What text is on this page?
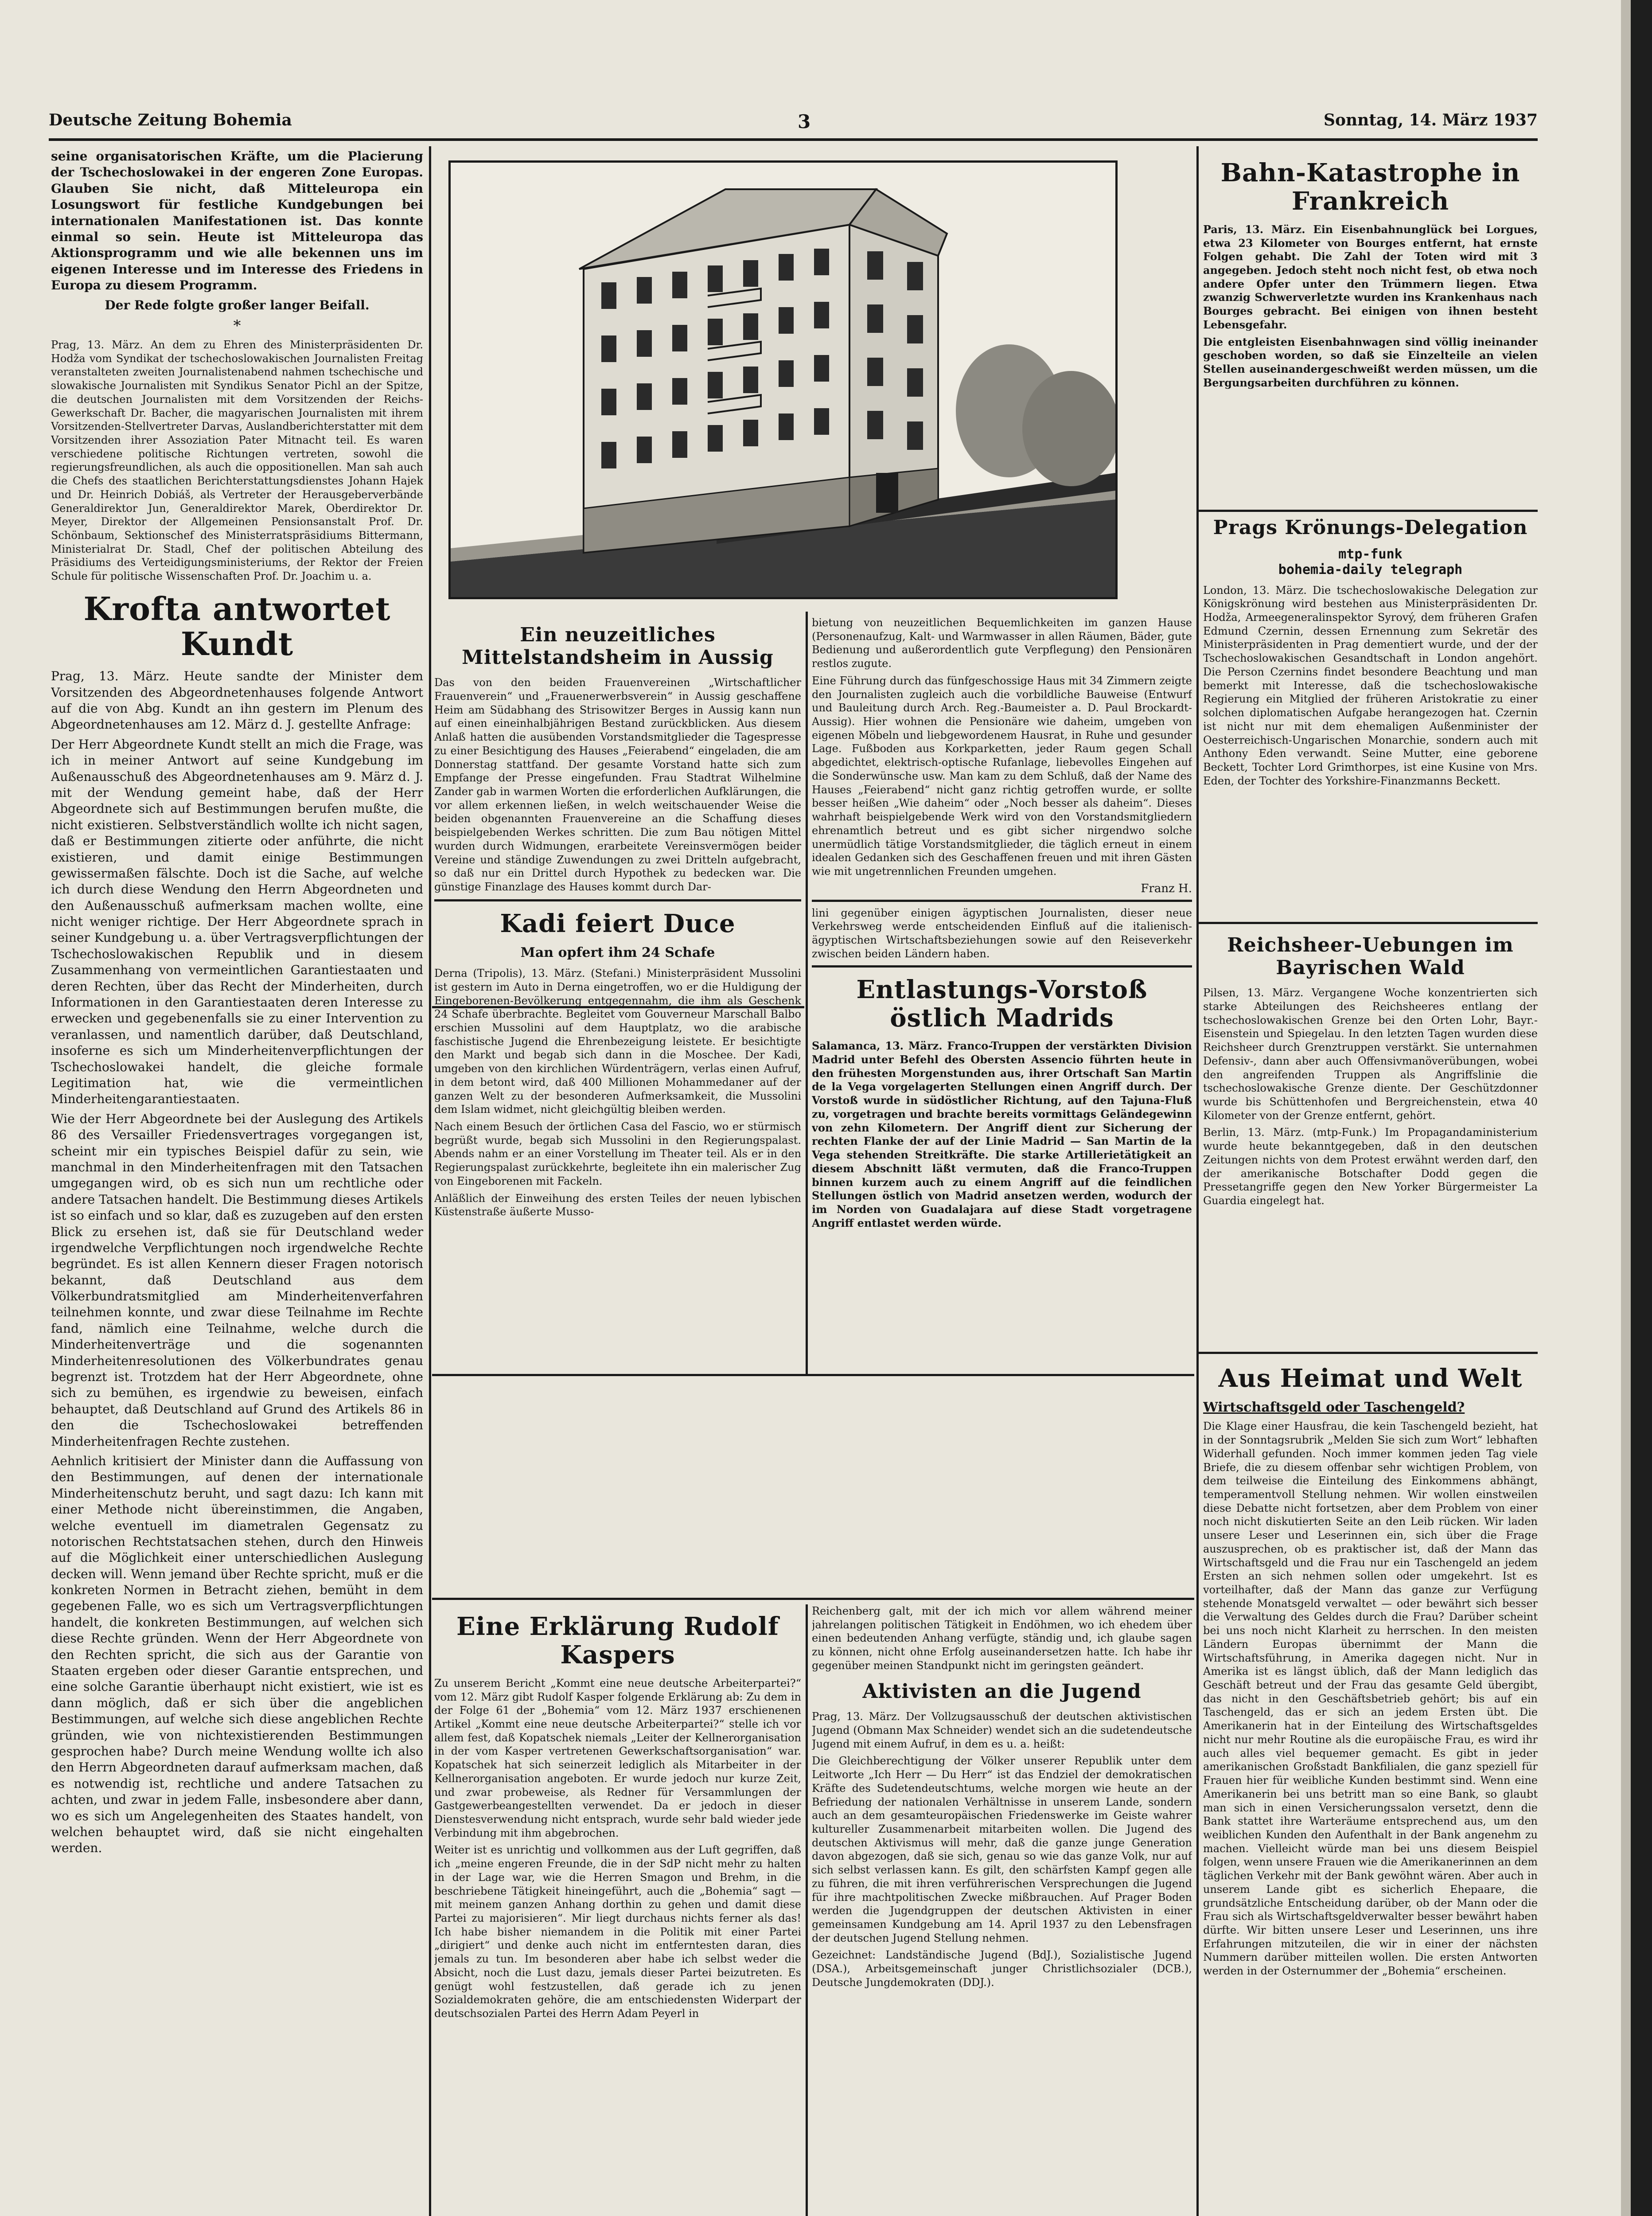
Deutsche Zeitung Bohemia	3	Sonntag, 14. März 1937

seine organisatorischen Kräfte, um die Placierung der Tschechoslowakei in der engeren Zone Europas. Glauben Sie nicht, daß Mitteleuropa ein Losungswort für festliche Kundgebungen bei internationalen Manifestationen ist. Das konnte einmal so sein. Heute ist Mitteleuropa das Aktionsprogramm und wie alle bekennen uns im eigenen Interesse und im Interesse des Friedens in Europa zu diesem Programm.

Der Rede folgte großer langer Beifall.

*

Prag, 13. März. An dem zu Ehren des Ministerpräsidenten Dr. Hodža vom Syndikat der tschechoslowakischen Journalisten Freitag veranstalteten zweiten Journalistenabend nahmen tschechische und slowakische Journalisten mit Syndikus Senator Pichl an der Spitze, die deutschen Journalisten mit dem Vorsitzenden der Reichs-Gewerkschaft Dr. Bacher, die magyarischen Journalisten mit ihrem Vorsitzenden-Stellvertreter Darvas, Auslandberichterstatter mit dem Vorsitzenden ihrer Assoziation Pater Mitnacht teil. Es waren verschiedene politische Richtungen vertreten, sowohl die regierungsfreundlichen, als auch die oppositionellen. Man sah auch die Chefs des staatlichen Berichterstattungsdienstes Johann Hajek und Dr. Heinrich Dobiáš, als Vertreter der Herausgeberverbände Generaldirektor Jun, Generaldirektor Marek, Oberdirektor Dr. Meyer, Direktor der Allgemeinen Pensionsanstalt Prof. Dr. Schönbaum, Sektionschef des Ministerratspräsidiums Bittermann, Ministerialrat Dr. Stadl, Chef der politischen Abteilung des Präsidiums des Verteidigungsministeriums, der Rektor der Freien Schule für politische Wissenschaften Prof. Dr. Joachim u. a.

Krofta antwortet Kundt

Prag, 13. März. Heute sandte der Minister dem Vorsitzenden des Abgeordnetenhauses folgende Antwort auf die von Abg. Kundt an ihn gestern im Plenum des Abgeordnetenhauses am 12. März d. J. gestellte Anfrage:

Der Herr Abgeordnete Kundt stellt an mich die Frage, was ich in meiner Antwort auf seine Kundgebung im Außenausschuß des Abgeordnetenhauses am 9. März d. J. mit der Wendung gemeint habe, daß der Herr Abgeordnete sich auf Bestimmungen berufen mußte, die nicht existieren. Selbstverständlich wollte ich nicht sagen, daß er Bestimmungen zitierte oder anführte, die nicht existieren, und damit einige Bestimmungen gewissermaßen fälschte. Doch ist die Sache, auf welche ich durch diese Wendung den Herrn Abgeordneten und den Außenausschuß aufmerksam machen wollte, eine nicht weniger richtige. Der Herr Abgeordnete sprach in seiner Kundgebung u. a. über Vertragsverpflichtungen der Tschechoslowakischen Republik und in diesem Zusammenhang von vermeintlichen Garantiestaaten und deren Rechten, über das Recht der Minderheiten, durch Informationen in den Garantiestaaten deren Interesse zu erwecken und gegebenenfalls sie zu einer Intervention zu veranlassen, und namentlich darüber, daß Deutschland, insoferne es sich um Minderheitenverpflichtungen der Tschechoslowakei handelt, die gleiche formale Legitimation hat, wie die vermeintlichen Minderheitengarantiestaaten.

Wie der Herr Abgeordnete bei der Auslegung des Artikels 86 des Versailler Friedensvertrages vorgegangen ist, scheint mir ein typisches Beispiel dafür zu sein, wie manchmal in den Minderheitenfragen mit den Tatsachen umgegangen wird, ob es sich nun um rechtliche oder andere Tatsachen handelt. Die Bestimmung dieses Artikels ist so einfach und so klar, daß es zuzugeben auf den ersten Blick zu ersehen ist, daß sie für Deutschland weder irgendwelche Verpflichtungen noch irgendwelche Rechte begründet. Es ist allen Kennern dieser Fragen notorisch bekannt, daß Deutschland aus dem Völkerbundratsmitglied am Minderheitenverfahren teilnehmen konnte, und zwar diese Teilnahme im Rechte fand, nämlich eine Teilnahme, welche durch die Minderheitenverträge und die sogenannten Minderheitenresolutionen des Völkerbundrates genau begrenzt ist. Trotzdem hat der Herr Abgeordnete, ohne sich zu bemühen, es irgendwie zu beweisen, einfach behauptet, daß Deutschland auf Grund des Artikels 86 in den die Tschechoslowakei betreffenden Minderheitenfragen Rechte zustehen.

Aehnlich kritisiert der Minister dann die Auffassung von den Bestimmungen, auf denen der internationale Minderheitenschutz beruht, und sagt dazu: Ich kann mit einer Methode nicht übereinstimmen, die Angaben, welche eventuell im diametralen Gegensatz zu notorischen Rechtstatsachen stehen, durch den Hinweis auf die Möglichkeit einer unterschiedlichen Auslegung decken will. Wenn jemand über Rechte spricht, muß er die konkreten Normen in Betracht ziehen, bemüht in dem gegebenen Falle, wo es sich um Vertragsverpflichtungen handelt, die konkreten Bestimmungen, auf welchen sich diese Rechte gründen. Wenn der Herr Abgeordnete von den Rechten spricht, die sich aus der Garantie von Staaten ergeben oder dieser Garantie entsprechen, und eine solche Garantie überhaupt nicht existiert, wie ist es dann möglich, daß er sich über die angeblichen Bestimmungen, auf welche sich diese angeblichen Rechte gründen, wie von nichtexistierenden Bestimmungen gesprochen habe? Durch meine Wendung wollte ich also den Herrn Abgeordneten darauf aufmerksam machen, daß es notwendig ist, rechtliche und andere Tatsachen zu achten, und zwar in jedem Falle, insbesondere aber dann, wo es sich um Angelegenheiten des Staates handelt, von welchen behauptet wird, daß sie nicht eingehalten werden.

Ein neuzeitliches Mittelstandsheim in Aussig

Das von den beiden Frauenvereinen „Wirtschaftlicher Frauenverein“ und „Frauenerwerbsverein“ in Aussig geschaffene Heim am Südabhang des Strisowitzer Berges in Aussig kann nun auf einen eineinhalbjährigen Bestand zurückblicken. Aus diesem Anlaß hatten die ausübenden Vorstandsmitglieder die Tagespresse zu einer Besichtigung des Hauses „Feierabend“ eingeladen, die am Donnerstag stattfand. Der gesamte Vorstand hatte sich zum Empfange der Presse eingefunden. Frau Stadtrat Wilhelmine Zander gab in warmen Worten die erforderlichen Aufklärungen, die vor allem erkennen ließen, in welch weitschauender Weise die beiden obgenannten Frauenvereine an die Schaffung dieses beispielgebenden Werkes schritten. Die zum Bau nötigen Mittel wurden durch Widmungen, erarbeitete Vereinsvermögen beider Vereine und ständige Zuwendungen zu zwei Dritteln aufgebracht, so daß nur ein Drittel durch Hypothek zu bedecken war. Die günstige Finanzlage des Hauses kommt durch Dar-

Kadi feiert Duce
Man opfert ihm 24 Schafe

Derna (Tripolis), 13. März. (Stefani.) Ministerpräsident Mussolini ist gestern im Auto in Derna eingetroffen, wo er die Huldigung der Eingeborenen-Bevölkerung entgegennahm, die ihm als Geschenk 24 Schafe überbrachte. Begleitet vom Gouverneur Marschall Balbo erschien Mussolini auf dem Hauptplatz, wo die arabische faschistische Jugend die Ehrenbezeigung leistete. Er besichtigte den Markt und begab sich dann in die Moschee. Der Kadi, umgeben von den kirchlichen Würdenträgern, verlas einen Aufruf, in dem betont wird, daß 400 Millionen Mohammedaner auf der ganzen Welt zu der besonderen Aufmerksamkeit, die Mussolini dem Islam widmet, nicht gleichgültig bleiben werden.

Nach einem Besuch der örtlichen Casa del Fascio, wo er stürmisch begrüßt wurde, begab sich Mussolini in den Regierungspalast. Abends nahm er an einer Vorstellung im Theater teil. Als er in den Regierungspalast zurückkehrte, begleitete ihn ein malerischer Zug von Eingeborenen mit Fackeln.

Anläßlich der Einweihung des ersten Teiles der neuen lybischen Küstenstraße äußerte Musso-

Eine Erklärung Rudolf Kaspers

Zu unserem Bericht „Kommt eine neue deutsche Arbeiterpartei?“ vom 12. März gibt Rudolf Kasper folgende Erklärung ab: Zu dem in der Folge 61 der „Bohemia“ vom 12. März 1937 erschienenen Artikel „Kommt eine neue deutsche Arbeiterpartei?“ stelle ich vor allem fest, daß Kopatschek niemals „Leiter der Kellnerorganisation in der vom Kasper vertretenen Gewerkschaftsorganisation“ war. Kopatschek hat sich seinerzeit lediglich als Mitarbeiter in der Kellnerorganisation angeboten. Er wurde jedoch nur kurze Zeit, und zwar probeweise, als Redner für Versammlungen der Gastgewerbeangestellten verwendet. Da er jedoch in dieser Dienstesverwendung nicht entsprach, wurde sehr bald wieder jede Verbindung mit ihm abgebrochen.

Weiter ist es unrichtig und vollkommen aus der Luft gegriffen, daß ich „meine engeren Freunde, die in der SdP nicht mehr zu halten in der Lage war, wie die Herren Smagon und Brehm, in die beschriebene Tätigkeit hineingeführt, auch die „Bohemia“ sagt — mit meinem ganzen Anhang dorthin zu gehen und damit diese Partei zu majorisieren“. Mir liegt durchaus nichts ferner als das! Ich habe bisher niemandem in die Politik mit einer Partei „dirigiert“ und denke auch nicht im entferntesten daran, dies jemals zu tun. Im besonderen aber habe ich selbst weder die Absicht, noch die Lust dazu, jemals dieser Partei beizutreten. Es genügt wohl festzustellen, daß gerade ich zu jenen Sozialdemokraten gehöre, die am entschiedensten Widerpart der deutschsozialen Partei des Herrn Adam Peyerl in

bietung von neuzeitlichen Bequemlichkeiten im ganzen Hause (Personenaufzug, Kalt- und Warmwasser in allen Räumen, Bäder, gute Bedienung und außerordentlich gute Verpflegung) den Pensionären restlos zugute.

Eine Führung durch das fünfgeschossige Haus mit 34 Zimmern zeigte den Journalisten zugleich auch die vorbildliche Bauweise (Entwurf und Bauleitung durch Arch. Reg.-Baumeister a. D. Paul Brockardt-Aussig). Hier wohnen die Pensionäre wie daheim, umgeben von eigenen Möbeln und liebgewordenem Hausrat, in Ruhe und gesunder Lage. Fußboden aus Korkparketten, jeder Raum gegen Schall abgedichtet, elektrisch-optische Rufanlage, liebevolles Eingehen auf die Sonderwünsche usw. Man kam zu dem Schluß, daß der Name des Hauses „Feierabend“ nicht ganz richtig getroffen wurde, er sollte besser heißen „Wie daheim“ oder „Noch besser als daheim“. Dieses wahrhaft beispielgebende Werk wird von den Vorstandsmitgliedern ehrenamtlich betreut und es gibt sicher nirgendwo solche unermüdlich tätige Vorstandsmitglieder, die täglich erneut in einem idealen Gedanken sich des Geschaffenen freuen und mit ihren Gästen wie mit ungetrennlichen Freunden umgehen.

Franz H.

lini gegenüber einigen ägyptischen Journalisten, dieser neue Verkehrsweg werde entscheidenden Einfluß auf die italienisch-ägyptischen Wirtschaftsbeziehungen sowie auf den Reiseverkehr zwischen beiden Ländern haben.

Entlastungs-Vorstoß östlich Madrids

Salamanca, 13. März. Franco-Truppen der verstärkten Division Madrid unter Befehl des Obersten Assencio führten heute in den frühesten Morgenstunden aus, ihrer Ortschaft San Martin de la Vega vorgelagerten Stellungen einen Angriff durch. Der Vorstoß wurde in südöstlicher Richtung, auf den Tajuna-Fluß zu, vorgetragen und brachte bereits vormittags Geländegewinn von zehn Kilometern. Der Angriff dient zur Sicherung der rechten Flanke der auf der Linie Madrid — San Martin de la Vega stehenden Streitkräfte. Die starke Artillerietätigkeit an diesem Abschnitt läßt vermuten, daß die Franco-Truppen binnen kurzem auch zu einem Angriff auf die feindlichen Stellungen östlich von Madrid ansetzen werden, wodurch der im Norden von Guadalajara auf diese Stadt vorgetragene Angriff entlastet werden würde.

Reichenberg galt, mit der ich mich vor allem während meiner jahrelangen politischen Tätigkeit in Endöhmen, wo ich ehedem über einen bedeutenden Anhang verfügte, ständig und, ich glaube sagen zu können, nicht ohne Erfolg auseinandersetzen hatte. Ich habe ihr gegenüber meinen Standpunkt nicht im geringsten geändert.

Aktivisten an die Jugend

Prag, 13. März. Der Vollzugsausschuß der deutschen aktivistischen Jugend (Obmann Max Schneider) wendet sich an die sudetendeutsche Jugend mit einem Aufruf, in dem es u. a. heißt:

Die Gleichberechtigung der Völker unserer Republik unter dem Leitworte „Ich Herr — Du Herr“ ist das Endziel der demokratischen Kräfte des Sudetendeutschtums, welche morgen wie heute an der Befriedung der nationalen Verhältnisse in unserem Lande, sondern auch an dem gesamteuropäischen Friedenswerke im Geiste wahrer kultureller Zusammenarbeit mitarbeiten wollen. Die Jugend des deutschen Aktivismus will mehr, daß die ganze junge Generation davon abgezogen, daß sie sich, genau so wie das ganze Volk, nur auf sich selbst verlassen kann. Es gilt, den schärfsten Kampf gegen alle zu führen, die mit ihren verführerischen Versprechungen die Jugend für ihre machtpolitischen Zwecke mißbrauchen. Auf Prager Boden werden die Jugendgruppen der deutschen Aktivisten in einer gemeinsamen Kundgebung am 14. April 1937 zu den Lebensfragen der deutschen Jugend Stellung nehmen.

Gezeichnet: Landständische Jugend (BdJ.), Sozialistische Jugend (DSA.), Arbeitsgemeinschaft junger Christlichsozialer (DCB.), Deutsche Jungdemokraten (DDJ.).

Bahn-Katastrophe in Frankreich

Paris, 13. März. Ein Eisenbahnunglück bei Lorgues, etwa 23 Kilometer von Bourges entfernt, hat ernste Folgen gehabt. Die Zahl der Toten wird mit 3 angegeben. Jedoch steht noch nicht fest, ob etwa noch andere Opfer unter den Trümmern liegen. Etwa zwanzig Schwerverletzte wurden ins Krankenhaus nach Bourges gebracht. Bei einigen von ihnen besteht Lebensgefahr.

Die entgleisten Eisenbahnwagen sind völlig ineinander geschoben worden, so daß sie Einzelteile an vielen Stellen auseinandergeschweißt werden müssen, um die Bergungsarbeiten durchführen zu können.

Prags Krönungs-Delegation
mtp-funk
bohemia-daily telegraph

London, 13. März. Die tschechoslowakische Delegation zur Königskrönung wird bestehen aus Ministerpräsidenten Dr. Hodža, Armeegeneralinspektor Syrový, dem früheren Grafen Edmund Czernin, dessen Ernennung zum Sekretär des Ministerpräsidenten in Prag dementiert wurde, und der der Tschechoslowakischen Gesandtschaft in London angehört. Die Person Czernins findet besondere Beachtung und man bemerkt mit Interesse, daß die tschechoslowakische Regierung ein Mitglied der früheren Aristokratie zu einer solchen diplomatischen Aufgabe herangezogen hat. Czernin ist nicht nur mit dem ehemaligen Außenminister der Oesterreichisch-Ungarischen Monarchie, sondern auch mit Anthony Eden verwandt. Seine Mutter, eine geborene Beckett, Tochter Lord Grimthorpes, ist eine Kusine von Mrs. Eden, der Tochter des Yorkshire-Finanzmanns Beckett.

Reichsheer-Uebungen im Bayrischen Wald

Pilsen, 13. März. Vergangene Woche konzentrierten sich starke Abteilungen des Reichsheeres entlang der tschechoslowakischen Grenze bei den Orten Lohr, Bayr.-Eisenstein und Spiegelau. In den letzten Tagen wurden diese Reichsheer durch Grenztruppen verstärkt. Sie unternahmen Defensiv-, dann aber auch Offensivmanöverübungen, wobei den angreifenden Truppen als Angriffslinie die tschechoslowakische Grenze diente. Der Geschützdonner wurde bis Schüttenhofen und Bergreichenstein, etwa 40 Kilometer von der Grenze entfernt, gehört.

Berlin, 13. März. (mtp-Funk.) Im Propagandaministerium wurde heute bekanntgegeben, daß in den deutschen Zeitungen nichts von dem Protest erwähnt werden darf, den der amerikanische Botschafter Dodd gegen die Pressetangriffe gegen den New Yorker Bürgermeister La Guardia eingelegt hat.

Aus Heimat und Welt
Wirtschaftsgeld oder Taschengeld?

Die Klage einer Hausfrau, die kein Taschengeld bezieht, hat in der Sonntagsrubrik „Melden Sie sich zum Wort“ lebhaften Widerhall gefunden. Noch immer kommen jeden Tag viele Briefe, die zu diesem offenbar sehr wichtigen Problem, von dem teilweise die Einteilung des Einkommens abhängt, temperamentvoll Stellung nehmen. Wir wollen einstweilen diese Debatte nicht fortsetzen, aber dem Problem von einer noch nicht diskutierten Seite an den Leib rücken. Wir laden unsere Leser und Leserinnen ein, sich über die Frage auszusprechen, ob es praktischer ist, daß der Mann das Wirtschaftsgeld und die Frau nur ein Taschengeld an jedem Ersten an sich nehmen sollen oder umgekehrt. Ist es vorteilhafter, daß der Mann das ganze zur Verfügung stehende Monatsgeld verwaltet — oder bewährt sich besser die Verwaltung des Geldes durch die Frau? Darüber scheint bei uns noch nicht Klarheit zu herrschen. In den meisten Ländern Europas übernimmt der Mann die Wirtschaftsführung, in Amerika dagegen nicht. Nur in Amerika ist es längst üblich, daß der Mann lediglich das Geschäft betreut und der Frau das gesamte Geld übergibt, das nicht in den Geschäftsbetrieb gehört; bis auf ein Taschengeld, das er sich an jedem Ersten übt. Die Amerikanerin hat in der Einteilung des Wirtschaftsgeldes nicht nur mehr Routine als die europäische Frau, es wird ihr auch alles viel bequemer gemacht. Es gibt in jeder amerikanischen Großstadt Bankfilialen, die ganz speziell für Frauen hier für weibliche Kunden bestimmt sind. Wenn eine Amerikanerin bei uns betritt man so eine Bank, so glaubt man sich in einen Versicherungssalon versetzt, denn die Bank stattet ihre Warteräume entsprechend aus, um den weiblichen Kunden den Aufenthalt in der Bank angenehm zu machen. Vielleicht würde man bei uns diesem Beispiel folgen, wenn unsere Frauen wie die Amerikanerinnen an dem täglichen Verkehr mit der Bank gewöhnt wären. Aber auch in unserem Lande gibt es sicherlich Ehepaare, die grundsätzliche Entscheidung darüber, ob der Mann oder die Frau sich als Wirtschaftsgeldverwalter besser bewährt haben dürfte. Wir bitten unsere Leser und Leserinnen, uns ihre Erfahrungen mitzuteilen, die wir in einer der nächsten Nummern darüber mitteilen wollen. Die ersten Antworten werden in der Osternummer der „Bohemia“ erscheinen.
